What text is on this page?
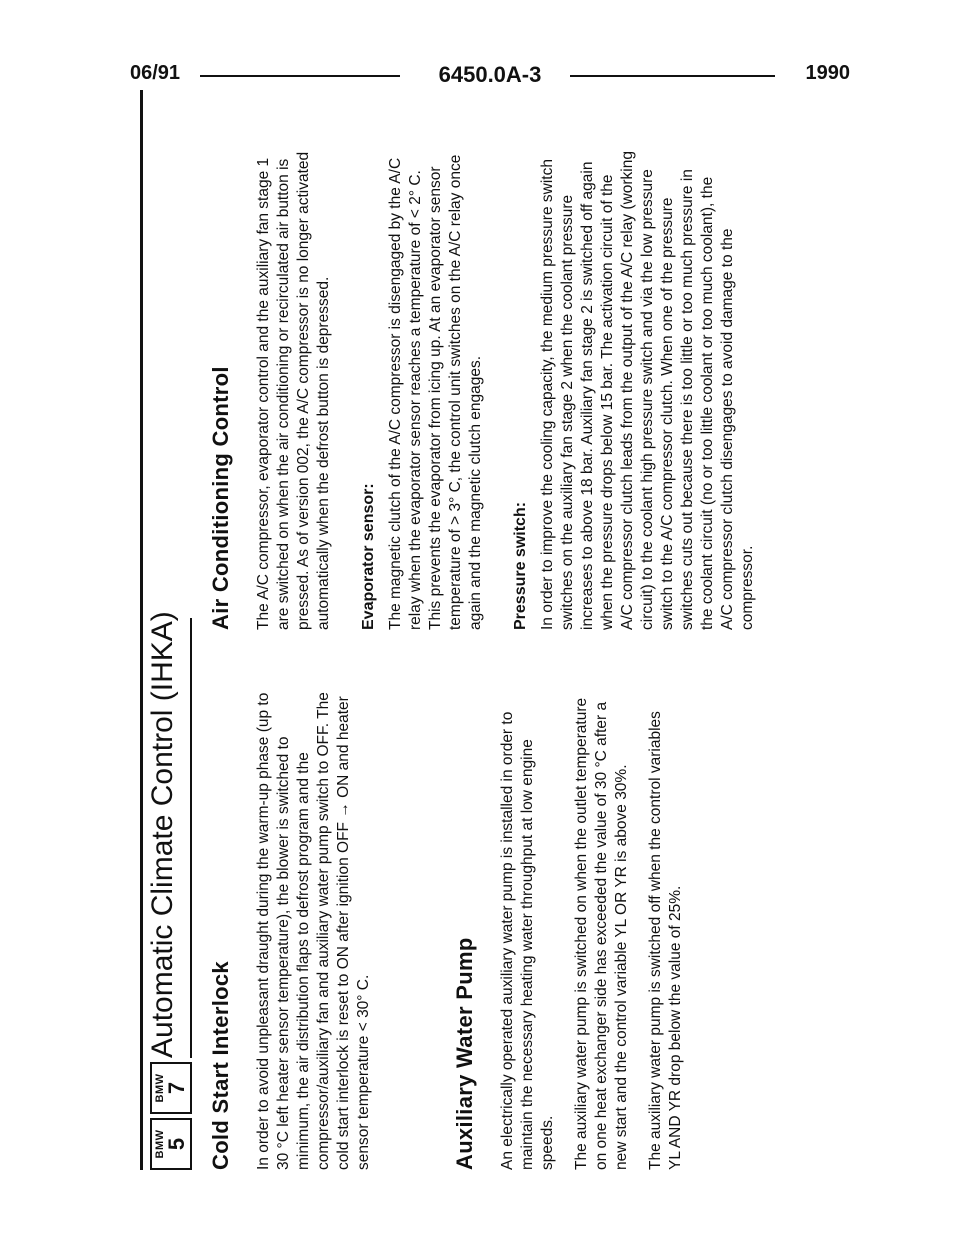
06/91	6450.0A-3	1990
BMW
5
BMW
7
Automatic Climate Control (IHKA)
Cold Start Interlock In order to avoid unpleasant draught during the warm-up phase (up to 30 °C left heater sensor temperature), the blower is switched to minimum, the air distribution flaps to defrost program and the compressor/auxiliary fan and auxiliary water pump switch to OFF. The cold start interlock is reset to ON after ignition OFF → ON and heater sensor temperature < 30° C.	Auxiliary Water Pump An electrically operated auxiliary water pump is installed in order to maintain the necessary heating water throughput at low engine speeds. The auxiliary water pump is switched on when the outlet temperature on one heat exchanger side has exceeded the value of 30 °C after a new start and the control variable YL OR YR is above 30%. The auxiliary water pump is switched off when the control variables YL AND YR drop below the value of 25%.

Air Conditioning Control The A/C compressor, evaporator control and the auxiliary fan stage 1 are switched on when the air conditioning or recirculated air button is pressed. As of version 002, the A/C compressor is no longer activated automatically when the defrost button is depressed. Evaporator sensor: The magnetic clutch of the A/C compressor is disengaged by the A/C relay when the evaporator sensor reaches a temperature of < 2° C. This prevents the evaporator from icing up. At an evaporator sensor temperature of > 3° C, the control unit switches on the A/C relay once again and the magnetic clutch engages. Pressure switch: In order to improve the cooling capacity, the medium pressure switch switches on the auxiliary fan stage 2 when the coolant pressure increases to above 18 bar. Auxiliary fan stage 2 is switched off again when the pressure drops below 15 bar. The activation circuit of the A/C compressor clutch leads from the output of the A/C relay (working circuit) to the coolant high pressure switch and via the low pressure switch to the A/C compressor clutch. When one of the pressure switches cuts out because there is too little or too much pressure in the coolant circuit (no or too little coolant or too much coolant), the A/C compressor clutch disengages to avoid damage to the compressor.
